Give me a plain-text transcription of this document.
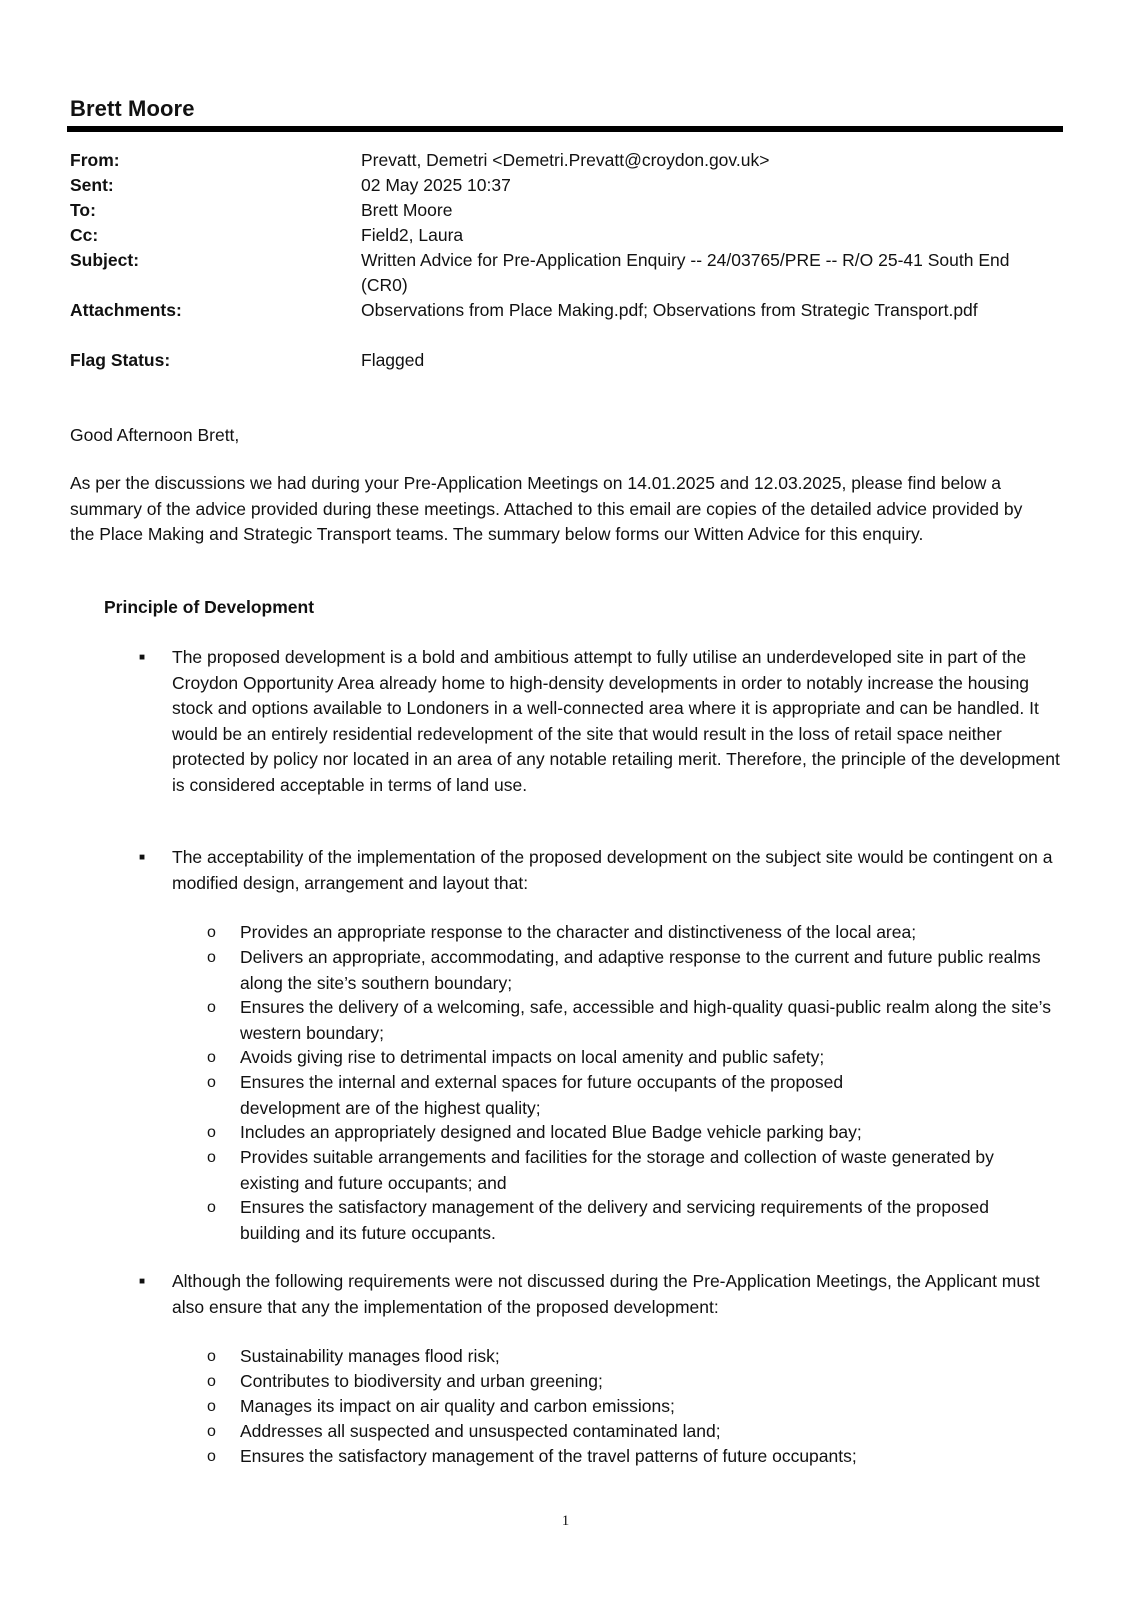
Brett Moore
From:	Prevatt, Demetri <Demetri.Prevatt@croydon.gov.uk>
Sent:	02 May 2025 10:37
To:	Brett Moore
Cc:	Field2, Laura
Subject:	Written Advice for Pre-Application Enquiry -- 24/03765/PRE -- R/O 25-41 South End (CR0)
Attachments:	Observations from Place Making.pdf; Observations from Strategic Transport.pdf
Flag Status:	Flagged
Good Afternoon Brett,
As per the discussions we had during your Pre-Application Meetings on 14.01.2025 and 12.03.2025, please find below a summary of the advice provided during these meetings. Attached to this email are copies of the detailed advice provided by the Place Making and Strategic Transport teams. The summary below forms our Witten Advice for this enquiry.
Principle of Development
■ The proposed development is a bold and ambitious attempt to fully utilise an underdeveloped site in part of the Croydon Opportunity Area already home to high-density developments in order to notably increase the housing stock and options available to Londoners in a well-connected area where it is appropriate and can be handled. It would be an entirely residential redevelopment of the site that would result in the loss of retail space neither protected by policy nor located in an area of any notable retailing merit. Therefore, the principle of the development is considered acceptable in terms of land use.
■ The acceptability of the implementation of the proposed development on the subject site would be contingent on a modified design, arrangement and layout that:
o Provides an appropriate response to the character and distinctiveness of the local area;
o Delivers an appropriate, accommodating, and adaptive response to the current and future public realms along the site’s southern boundary;
o Ensures the delivery of a welcoming, safe, accessible and high-quality quasi-public realm along the site’s western boundary;
o Avoids giving rise to detrimental impacts on local amenity and public safety;
o Ensures the internal and external spaces for future occupants of the proposed development are of the highest quality;
o Includes an appropriately designed and located Blue Badge vehicle parking bay;
o Provides suitable arrangements and facilities for the storage and collection of waste generated by existing and future occupants; and
o Ensures the satisfactory management of the delivery and servicing requirements of the proposed building and its future occupants.
■ Although the following requirements were not discussed during the Pre-Application Meetings, the Applicant must also ensure that any the implementation of the proposed development:
o Sustainability manages flood risk;
o Contributes to biodiversity and urban greening;
o Manages its impact on air quality and carbon emissions;
o Addresses all suspected and unsuspected contaminated land;
o Ensures the satisfactory management of the travel patterns of future occupants;
1
